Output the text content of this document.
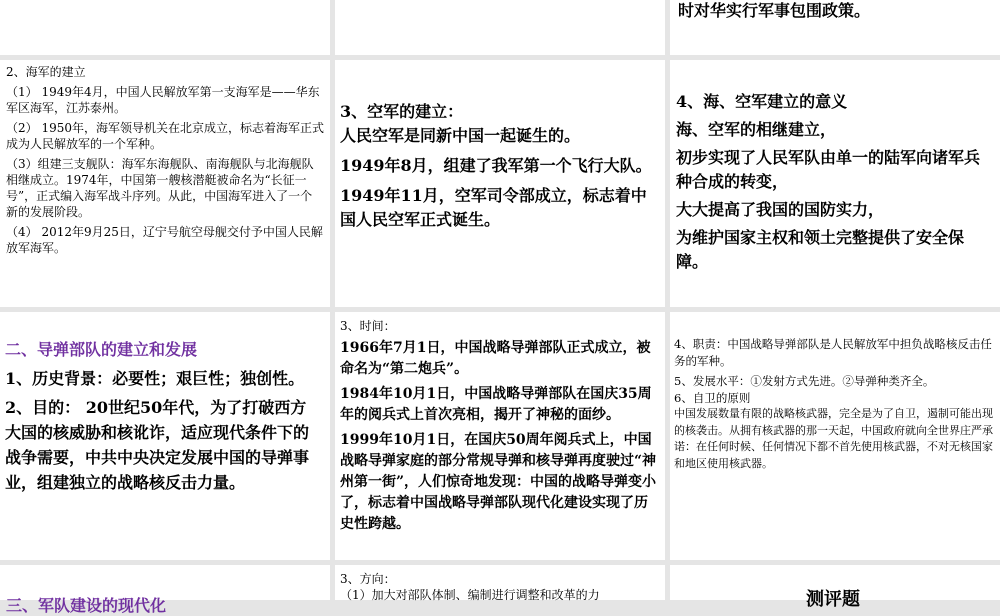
时对华实行军事包围政策。

2、海军的建立

（1） 1949年4月，中国人民解放军第一支海军是——华东军区海军，江苏泰州。

（2） 1950年，海军领导机关在北京成立，标志着海军正式成为人民解放军的一个军种。

（3）组建三支舰队：海军东海舰队、南海舰队与北海舰队相继成立。1974年，中国第一艘核潜艇被命名为“长征一号”，正式编入海军战斗序列。从此，中国海军进入了一个新的发展阶段。

（4） 2012年9月25日，辽宁号航空母舰交付予中国人民解放军海军。

3、空军的建立：

人民空军是同新中国一起诞生的。

1949年8月，组建了我军第一个飞行大队。

1949年11月，空军司令部成立，标志着中国人民空军正式诞生。

4、海、空军建立的意义

海、空军的相继建立，

初步实现了人民军队由单一的陆军向诸军兵种合成的转变，

大大提高了我国的国防实力，

为维护国家主权和领土完整提供了安全保障。

二、导弹部队的建立和发展

1、历史背景：必要性；艰巨性；独创性。

2、目的： 20世纪50年代，为了打破西方大国的核威胁和核讹诈，适应现代条件下的战争需要，中共中央决定发展中国的导弹事业，组建独立的战略核反击力量。

3、时间：

1966年7月1日，中国战略导弹部队正式成立，被命名为“第二炮兵”。

1984年10月1日，中国战略导弹部队在国庆35周年的阅兵式上首次亮相，揭开了神秘的面纱。

1999年10月1日，在国庆50周年阅兵式上，中国战略导弹家庭的部分常规导弹和核导弹再度驶过“神州第一街”，人们惊奇地发现：中国的战略导弹变小了，标志着中国战略导弹部队现代化建设实现了历史性跨越。

4、职责：中国战略导弹部队是人民解放军中担负战略核反击任务的军种。

5、发展水平：①发射方式先进。②导弹种类齐全。

6、自卫的原则

中国发展数量有限的战略核武器，完全是为了自卫，遏制可能出现的核袭击。从拥有核武器的那一天起，中国政府就向全世界庄严承诺：在任何时候、任何情况下都不首先使用核武器，不对无核国家和地区使用核武器。

三、军队建设的现代化

3、方向：

（1）加大对部队体制、编制进行调整和改革的力	测评题
